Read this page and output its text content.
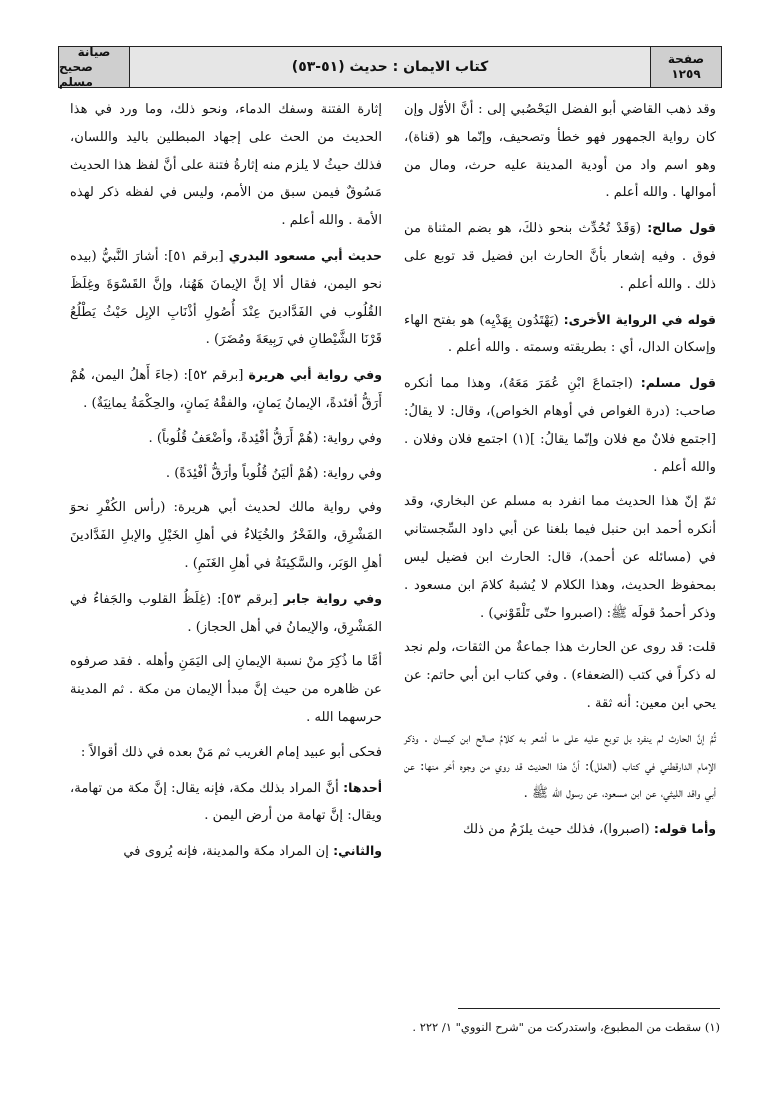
صيانة
صحيح مسلم
كتاب الايمان : حديث (٥١-٥٣)	صفحة
١٢٥٩

وقد ذهب القاضي أبو الفضل اليَحْصُبي إلى : أنَّ الأوّل وإن كان رواية الجمهور فهو خطأ وتصحيف، وإنّما هو (قناة)، وهو اسم واد من أودية المدينة عليه حرث، ومال من أموالها . والله أعلم .

قول صالح: (وَقَدْ تُحُدِّث بنحو ذلكَ، هو بضم المثناة من فوق . وفيه إشعار بأنَّ الحارث ابن فضيل قد توبع على ذلك . والله أعلم .

قوله في الرواية الأخرى: (يَهْتَدُون بِهَدْيِه) هو بفتح الهاء وإسكان الدال، أي : بطريقته وسمته . والله أعلم .

قول مسلم: (اجتماعَ ابْنِ عُمَرَ مَعَهُ)، وهذا مما أنكره صاحب: (درة الغواص في أوهام الخواص)، وقال: لا يقالُ: [اجتمع فلانٌ مع فلان وإنّما يقالُ: ](١) اجتمع فلان وفلان . والله أعلم .

ثمّ إنّ هذا الحديث مما انفرد به مسلم عن البخاري، وقد أنكره أحمد ابن حنبل فيما بلغنا عن أبي داود السِّجستاني في (مسائله عن أحمد)، قال: الحارث ابن فضيل ليس بمحفوظ الحديث، وهذا الكلام لا يُشبهُ كلامَ ابن مسعود . وذكر أحمدُ قولَه ﷺ: (اصبروا حتّى تَلْقَوْني) .

قلت: قد روى عن الحارث هذا جماعةٌ من الثقات، ولم نجد له ذكراً في كتب (الضعفاء) . وفي كتاب ابن أبي حاتم: عن يحي ابن معين: أنه ثقة .

ثُمَّ إنَّ الحارث لم ينفرد بل توبع عليه على ما أشعر به كلامُ صالح ابن كيسان . وذكر الإمام الدارقطني في كتاب (العلل): أنَّ هذا الحديث قد روي من وجوه أخر منها: عن أبي واقد الليثي، عن ابن مسعود، عن رسول الله ﷺ .

وأما قوله: (اصبروا)، فذلك حيث يلزَمُ من ذلك

إثارة الفتنة وسفك الدماء، ونحو ذلك، وما ورد في هذا الحديث من الحث على إجهاد المبطلين باليد واللسان، فذلك حيثُ لا يلزم منه إثارةُ فتنة على أنَّ لفظ هذا الحديث مَسُوقٌ فيمن سبق من الأمم، وليس في لفظه ذكر لهذه الأمة . والله أعلم .

حديث أبي مسعود البدري [برقم ٥١]: أشارَ النَّبيُّ (بيده نحو اليمن، فقال ألا إنَّ الإيمانَ هَهُنا، وإنَّ القَسْوَةَ وغِلَظَ القُلُوب في الفَدَّادينَ عِنْدَ أُصُولِ أذْنَابِ الإبِل حَيْثُ يَطْلُعُ قَرْنَا الشَّيْطانِ في رَبِيعَةَ ومُضَرَ) .

وفي رواية أبي هريرة [برقم ٥٢]: (جاءَ أَهلُ اليمن، هُمْ أَرَقُّ أفئدةً، الإيمانُ يَمانٍ، والفقْهُ يَمانٍ، والحِكْمَةُ يمانِيَةٌ) .

وفي رواية: (هُمْ أَرَقُّ أفْئِدةً، وأضْعَفُ قُلُوباً) .

وفي رواية: (هُمْ أليَنُ قُلُوباً وأرَقُّ أفْئِدَةً) .

وفي رواية مالك لحديث أبي هريرة: (رأس الكُفْرِ نحوَ المَشْرِق، والفَخْرُ والخُيَلاءُ في أهلِ الخَيْلِ والإبلِ الفَدَّادينَ أهلِ الوَبَر، والسَّكِينَةُ في أهلِ الغَنَمِ) .

وفي رواية جابر [برقم ٥٣]: (غِلَظُ القلوب والجَفاءُ في المَشْرِق، والإيمانُ في أهل الحجاز) .

أمَّا ما ذُكِرَ منْ نسبة الإيمانِ إلى اليَمَنِ وأهله . فقد صرفوه عن ظاهره من حيث إنَّ مبدأ الإيمان من مكة . ثم المدينة حرسهما الله .

فحكى أبو عبيد إمام الغريب ثم مَنْ بعده في ذلك أقوالاً :

أحدها: أنَّ المراد بذلك مكة، فإنه يقال: إنَّ مكة من تهامة، ويقال: إنَّ تهامة من أرض اليمن .

والثاني: إن المراد مكة والمدينة، فإنه يُروى في

(١) سقطت من المطبوع، واستدركت من "شرح النووي" ١/ ٢٢٢ .
